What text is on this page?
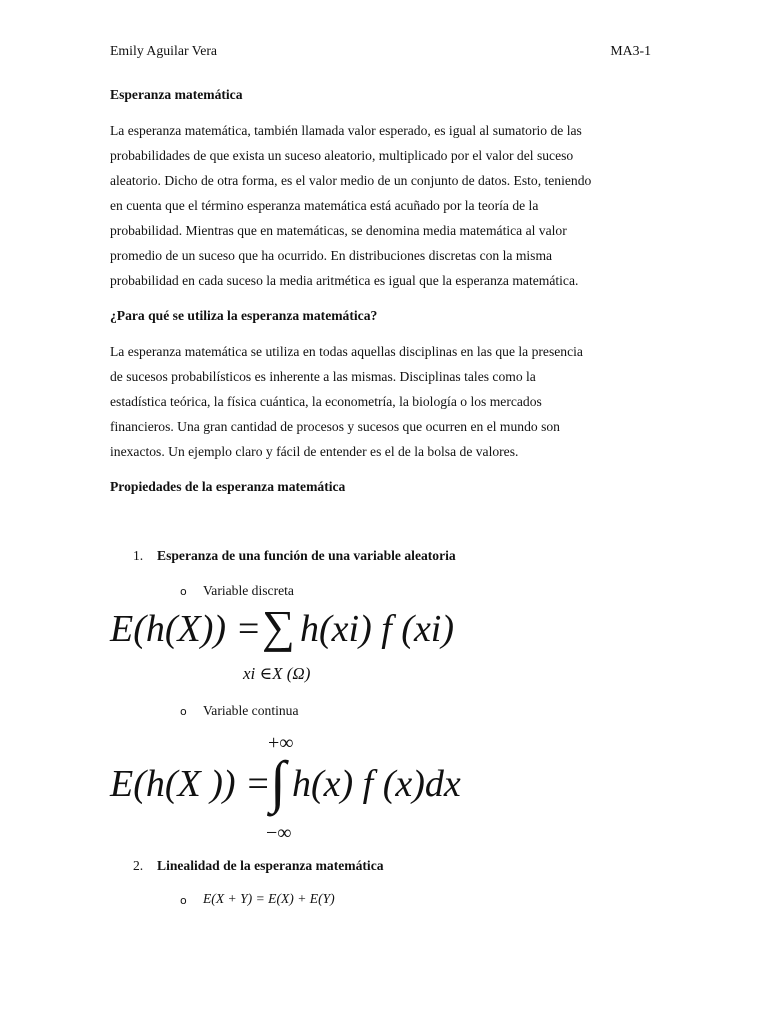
Emily Aguilar Vera	MA3-1
Esperanza matemática
La esperanza matemática, también llamada valor esperado, es igual al sumatorio de las
probabilidades de que exista un suceso aleatorio, multiplicado por el valor del suceso
aleatorio. Dicho de otra forma, es el valor medio de un conjunto de datos. Esto, teniendo
en cuenta que el término esperanza matemática está acuñado por la teoría de la
probabilidad. Mientras que en matemáticas, se denomina media matemática al valor
promedio de un suceso que ha ocurrido. En distribuciones discretas con la misma
probabilidad en cada suceso la media aritmética es igual que la esperanza matemática.
¿Para qué se utiliza la esperanza matemática?
La esperanza matemática se utiliza en todas aquellas disciplinas en las que la presencia
de sucesos probabilísticos es inherente a las mismas. Disciplinas tales como la
estadística teórica, la física cuántica, la econometría, la biología o los mercados
financieros. Una gran cantidad de procesos y sucesos que ocurren en el mundo son
inexactos. Un ejemplo claro y fácil de entender es el de la bolsa de valores.
Propiedades de la esperanza matemática
1. Esperanza de una función de una variable aleatoria
o Variable discreta
E(h(X)) = ∑ h(xi) f (xi)
xi ∈X (Ω)
o Variable continua
E(h(X )) =
+∞
∫
−∞
h(x) f (x)dx
2. Linealidad de la esperanza matemática
o	E(X + Y) = E(X) + E(Y)
